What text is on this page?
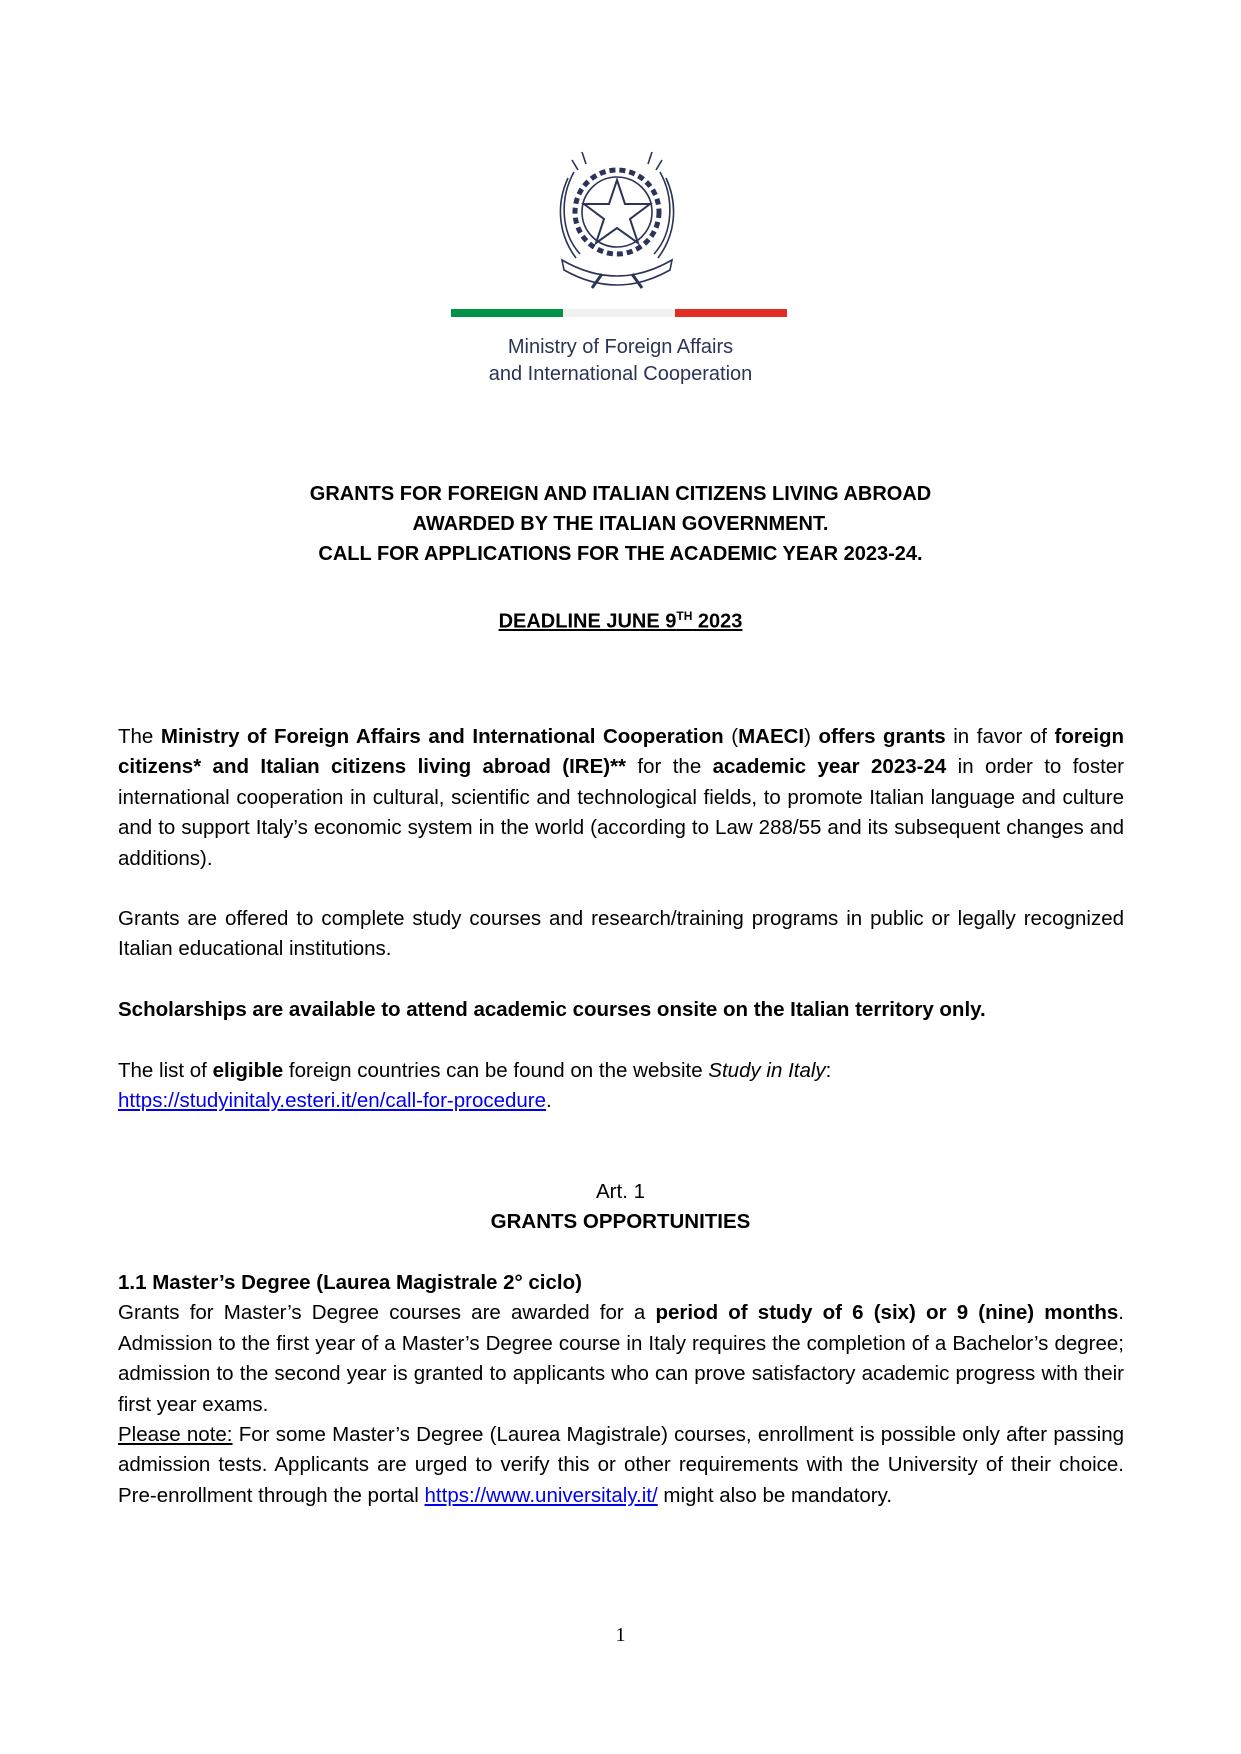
Ministry of Foreign Affairs
and International Cooperation
GRANTS FOR FOREIGN AND ITALIAN CITIZENS LIVING ABROAD
AWARDED BY THE ITALIAN GOVERNMENT.
CALL FOR APPLICATIONS FOR THE ACADEMIC YEAR 2023-24.
DEADLINE JUNE 9TH 2023
The Ministry of Foreign Affairs and International Cooperation (MAECI) offers grants in favor of foreign citizens* and Italian citizens living abroad (IRE)** for the academic year 2023-24 in order to foster international cooperation in cultural, scientific and technological fields, to promote Italian language and culture and to support Italy’s economic system in the world (according to Law 288/55 and its subsequent changes and additions).
Grants are offered to complete study courses and research/training programs in public or legally recognized Italian educational institutions.
Scholarships are available to attend academic courses onsite on the Italian territory only.
The list of eligible foreign countries can be found on the website Study in Italy:
https://studyinitaly.esteri.it/en/call-for-procedure.
Art. 1
GRANTS OPPORTUNITIES
1.1 Master’s Degree (Laurea Magistrale 2° ciclo)
Grants for Master’s Degree courses are awarded for a period of study of 6 (six) or 9 (nine) months. Admission to the first year of a Master’s Degree course in Italy requires the completion of a Bachelor’s degree; admission to the second year is granted to applicants who can prove satisfactory academic progress with their first year exams.
Please note: For some Master’s Degree (Laurea Magistrale) courses, enrollment is possible only after passing admission tests. Applicants are urged to verify this or other requirements with the University of their choice. Pre-enrollment through the portal https://www.universitaly.it/ might also be mandatory.
1
